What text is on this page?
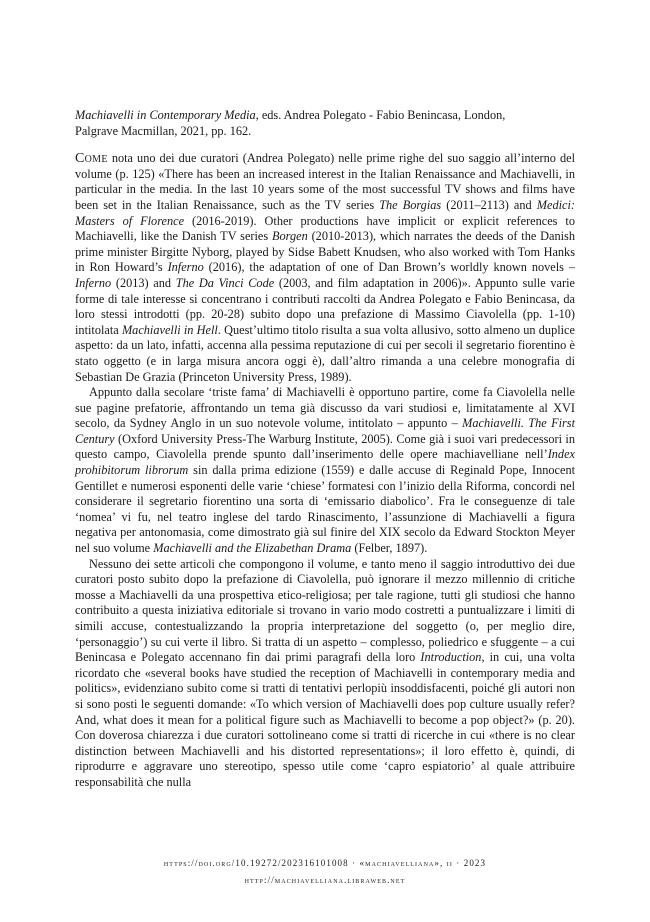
Machiavelli in Contemporary Media, eds. Andrea Polegato - Fabio Benincasa, London,
Palgrave Macmillan, 2021, pp. 162.

Come nota uno dei due curatori (Andrea Polegato) nelle prime righe del suo saggio all’interno del volume (p. 125) «There has been an increased interest in the Italian Renaissance and Machiavelli, in particular in the media. In the last 10 years some of the most successful TV shows and films have been set in the Italian Renaissance, such as the TV series The Borgias (2011–2113) and Medici: Masters of Florence (2016-2019). Other productions have implicit or explicit references to Machiavelli, like the Danish TV series Borgen (2010-2013), which narrates the deeds of the Danish prime minister Birgitte Nyborg, played by Sidse Babett Knudsen, who also worked with Tom Hanks in Ron Howard’s Inferno (2016), the adaptation of one of Dan Brown’s worldly known novels – Inferno (2013) and The Da Vinci Code (2003, and film adaptation in 2006)». Appunto sulle varie forme di tale interesse si concentrano i contributi raccolti da Andrea Polegato e Fabio Benincasa, da loro stessi introdotti (pp. 20-28) subito dopo una prefazione di Massimo Ciavolella (pp. 1-10) intitolata Machiavelli in Hell. Quest’ultimo titolo risulta a sua volta allusivo, sotto almeno un duplice aspetto: da un lato, infatti, accenna alla pessima reputazione di cui per secoli il segretario fiorentino è stato oggetto (e in larga misura ancora oggi è), dall’altro rimanda a una celebre monografia di Sebastian De Grazia (Princeton University Press, 1989).

Appunto dalla secolare ‘triste fama’ di Machiavelli è opportuno partire, come fa Ciavolella nelle sue pagine prefatorie, affrontando un tema già discusso da vari studiosi e, limitatamente al XVI secolo, da Sydney Anglo in un suo notevole volume, intitolato – appunto – Machiavelli. The First Century (Oxford University Press-The Warburg Institute, 2005). Come già i suoi vari predecessori in questo campo, Ciavolella prende spunto dall’inserimento delle opere machiavelliane nell’Index prohibitorum librorum sin dalla prima edizione (1559) e dalle accuse di Reginald Pope, Innocent Gentillet e numerosi esponenti delle varie ‘chiese’ formatesi con l’inizio della Riforma, concordi nel considerare il segretario fiorentino una sorta di ‘emissario diabolico’. Fra le conseguenze di tale ‘nomea’ vi fu, nel teatro inglese del tardo Rinascimento, l’assunzione di Machiavelli a figura negativa per antonomasia, come dimostrato già sul finire del XIX secolo da Edward Stockton Meyer nel suo volume Machiavelli and the Elizabethan Drama (Felber, 1897).

Nessuno dei sette articoli che compongono il volume, e tanto meno il saggio introduttivo dei due curatori posto subito dopo la prefazione di Ciavolella, può ignorare il mezzo millennio di critiche mosse a Machiavelli da una prospettiva etico-religiosa; per tale ragione, tutti gli studiosi che hanno contribuito a questa iniziativa editoriale si trovano in vario modo costretti a puntualizzare i limiti di simili accuse, contestualizzando la propria interpretazione del soggetto (o, per meglio dire, ‘personaggio’) su cui verte il libro. Si tratta di un aspetto – complesso, poliedrico e sfuggente – a cui Benincasa e Polegato accennano fin dai primi paragrafi della loro Introduction, in cui, una volta ricordato che «several books have studied the reception of Machiavelli in contemporary media and politics», evidenziano subito come si tratti di tentativi perlopiù insoddisfacenti, poiché gli autori non si sono posti le seguenti domande: «To which version of Machiavelli does pop culture usually refer? And, what does it mean for a political figure such as Machiavelli to become a pop object?» (p. 20). Con doverosa chiarezza i due curatori sottolineano come si tratti di ricerche in cui «there is no clear distinction between Machiavelli and his distorted representations»; il loro effetto è, quindi, di riprodurre e aggravare uno stereotipo, spesso utile come ‘capro espiatorio’ al quale attribuire responsabilità che nulla

https://doi.org/10.19272/202316101008 · «machiavelliana», ii · 2023
http://machiavelliana.libraweb.net
